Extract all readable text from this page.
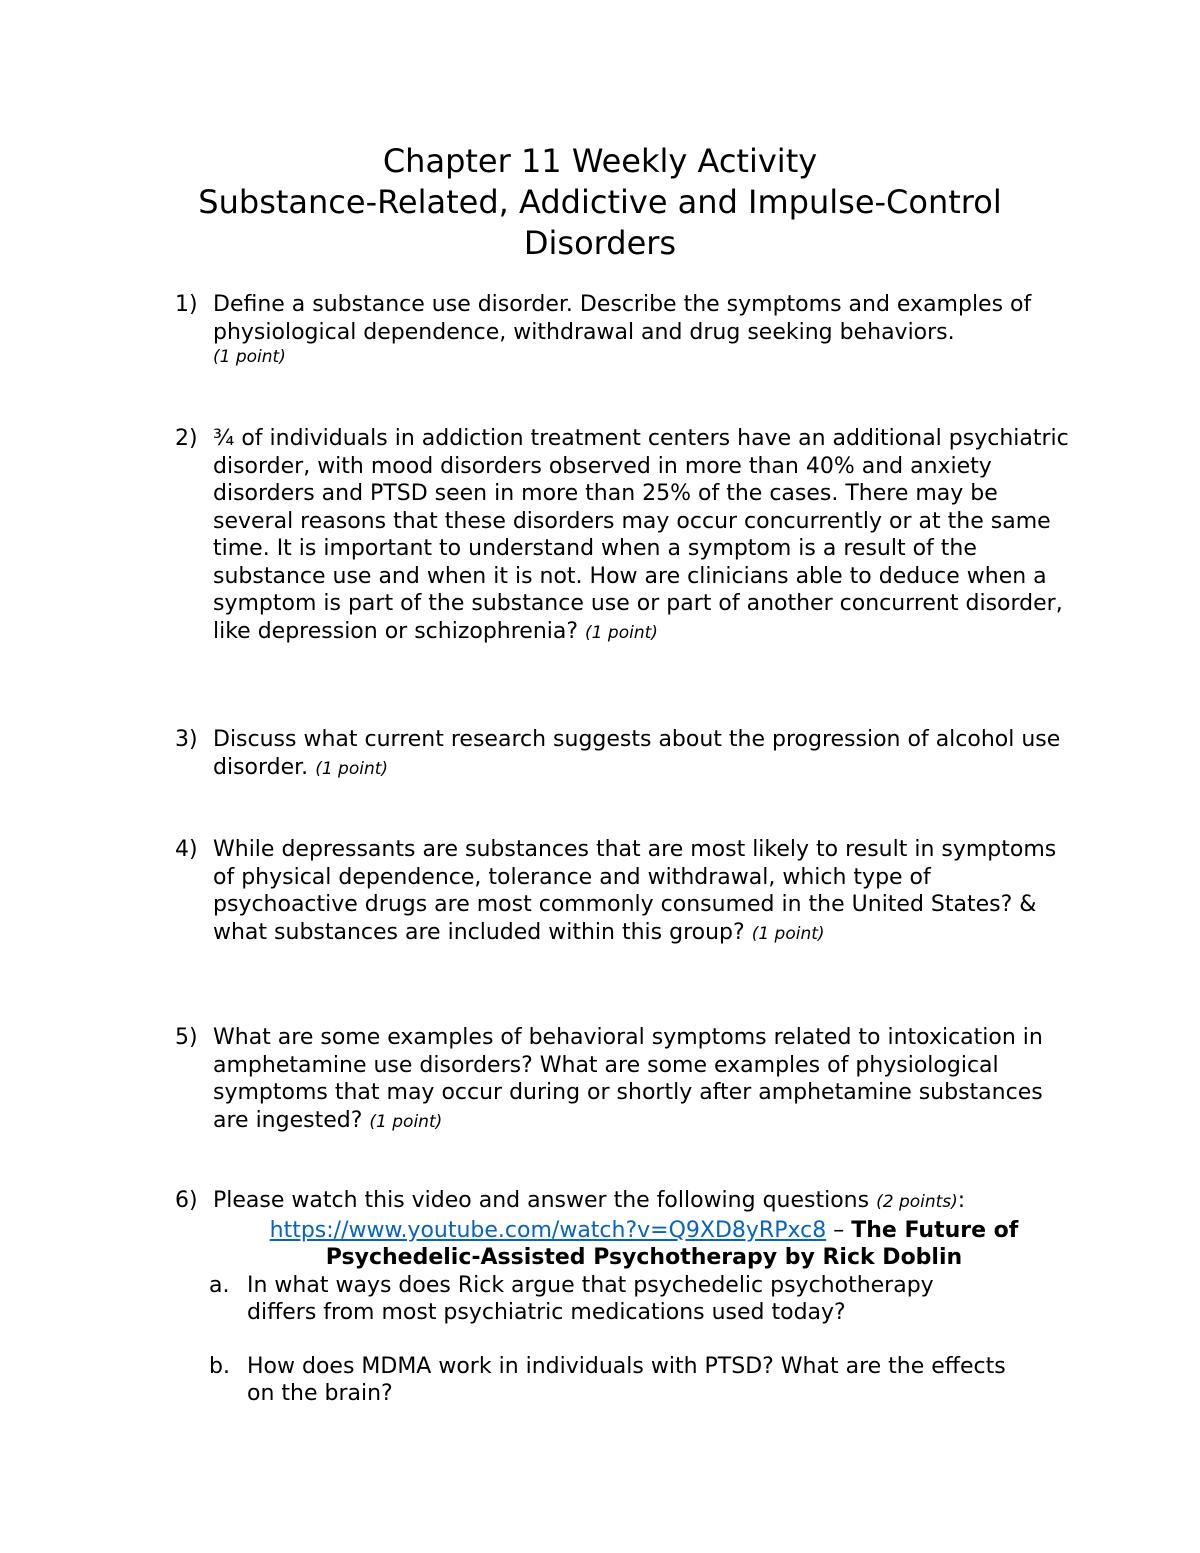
Chapter 11 Weekly Activity
Substance-Related, Addictive and Impulse-Control
Disorders
1) Define a substance use disorder. Describe the symptoms and examples of physiological dependence, withdrawal and drug seeking behaviors.
(1 point)
2) ¾ of individuals in addiction treatment centers have an additional psychiatric disorder, with mood disorders observed in more than 40% and anxiety disorders and PTSD seen in more than 25% of the cases. There may be several reasons that these disorders may occur concurrently or at the same time. It is important to understand when a symptom is a result of the substance use and when it is not. How are clinicians able to deduce when a symptom is part of the substance use or part of another concurrent disorder, like depression or schizophrenia? (1 point)
3) Discuss what current research suggests about the progression of alcohol use disorder. (1 point)
4) While depressants are substances that are most likely to result in symptoms of physical dependence, tolerance and withdrawal, which type of psychoactive drugs are most commonly consumed in the United States? & what substances are included within this group? (1 point)
5) What are some examples of behavioral symptoms related to intoxication in amphetamine use disorders? What are some examples of physiological symptoms that may occur during or shortly after amphetamine substances are ingested? (1 point)
6) Please watch this video and answer the following questions (2 points):
https://www.youtube.com/watch?v=Q9XD8yRPxc8 – The Future of
Psychedelic-Assisted Psychotherapy by Rick Doblin
a. In what ways does Rick argue that psychedelic psychotherapy differs from most psychiatric medications used today?
b. How does MDMA work in individuals with PTSD? What are the effects on the brain?
